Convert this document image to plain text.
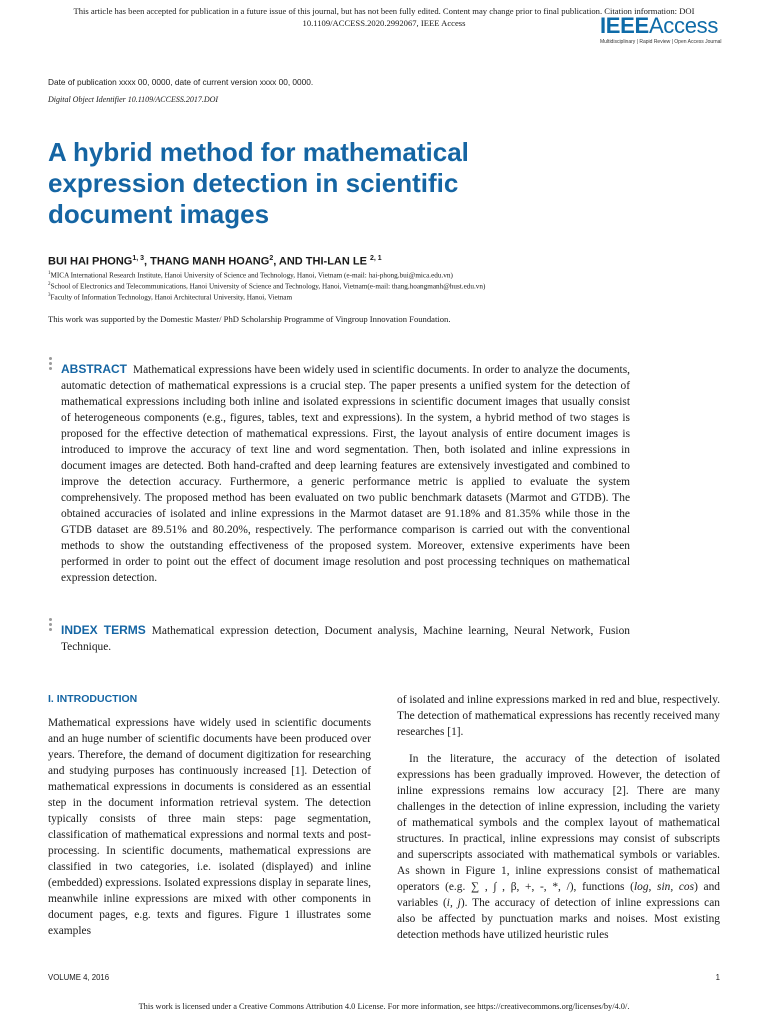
This article has been accepted for publication in a future issue of this journal, but has not been fully edited. Content may change prior to final publication. Citation information: DOI
10.1109/ACCESS.2020.2992067, IEEE Access	IEEEAccess
Multidisciplinary | Rapid Review | Open Access Journal
Date of publication xxxx 00, 0000, date of current version xxxx 00, 0000.
Digital Object Identifier 10.1109/ACCESS.2017.DOI
A hybrid method for mathematical expression detection in scientific document images
BUI HAI PHONG$^{1, 3}$, THANG MANH HOANG$^2$, AND THI-LAN LE $^{2, 1}$
$^1$MICA International Research Institute, Hanoi University of Science and Technology, Hanoi, Vietnam (e-mail: hai-phong.bui@mica.edu.vn)
$^2$School of Electronics and Telecommunications, Hanoi University of Science and Technology, Hanoi, Vietnam(e-mail: thang.hoangmanh@hust.edu.vn)
$^3$Faculty of Information Technology, Hanoi Architectural University, Hanoi, Vietnam
This work was supported by the Domestic Master/ PhD Scholarship Programme of Vingroup Innovation Foundation.
ABSTRACT Mathematical expressions have been widely used in scientific documents. In order to analyze the documents, automatic detection of mathematical expressions is a crucial step. The paper presents a unified system for the detection of mathematical expressions including both inline and isolated expressions in scientific document images that usually consist of heterogeneous components (e.g., figures, tables, text and expressions). In the system, a hybrid method of two stages is proposed for the effective detection of mathematical expressions. First, the layout analysis of entire document images is introduced to improve the accuracy of text line and word segmentation. Then, both isolated and inline expressions in document images are detected. Both hand-crafted and deep learning features are extensively investigated and combined to improve the detection accuracy. Furthermore, a generic performance metric is applied to evaluate the system comprehensively. The proposed method has been evaluated on two public benchmark datasets (Marmot and GTDB). The obtained accuracies of isolated and inline expressions in the Marmot dataset are 91.18% and 81.35% while those in the GTDB dataset are 89.51% and 80.20%, respectively. The performance comparison is carried out with the conventional methods to show the outstanding effectiveness of the proposed system. Moreover, extensive experiments have been performed in order to point out the effect of document image resolution and post processing techniques on mathematical expression detection.
INDEX TERMS Mathematical expression detection, Document analysis, Machine learning, Neural Network, Fusion Technique.
I. INTRODUCTION
Mathematical expressions have widely used in scientific documents and an huge number of scientific documents have been produced over years. Therefore, the demand of document digitization for researching and studying purposes has continuously increased [1]. Detection of mathematical expressions in documents is considered as an essential step in the document information retrieval system. The detection typically consists of three main steps: page segmentation, classification of mathematical expressions and normal texts and post-processing. In scientific documents, mathematical expressions are classified in two categories, i.e. isolated (displayed) and inline (embedded) expressions. Isolated expressions display in separate lines, meanwhile inline expressions are mixed with other components in document pages, e.g. texts and figures. Figure 1 illustrates some examples
of isolated and inline expressions marked in red and blue, respectively. The detection of mathematical expressions has recently received many researches [1].
In the literature, the accuracy of the detection of isolated expressions has been gradually improved. However, the detection of inline expressions remains low accuracy [2]. There are many challenges in the detection of inline expression, including the variety of mathematical symbols and the complex layout of mathematical structures. In practical, inline expressions may consist of subscripts and superscripts associated with mathematical symbols or variables. As shown in Figure 1, inline expressions consist of mathematical operators (e.g. ∑ , ∫ , β, +, -, *, /), functions (log, sin, cos) and variables (i, j). The accuracy of detection of inline expressions can also be affected by punctuation marks and noises. Most existing detection methods have utilized heuristic rules
VOLUME 4, 2016	1
This work is licensed under a Creative Commons Attribution 4.0 License. For more information, see https://creativecommons.org/licenses/by/4.0/.
